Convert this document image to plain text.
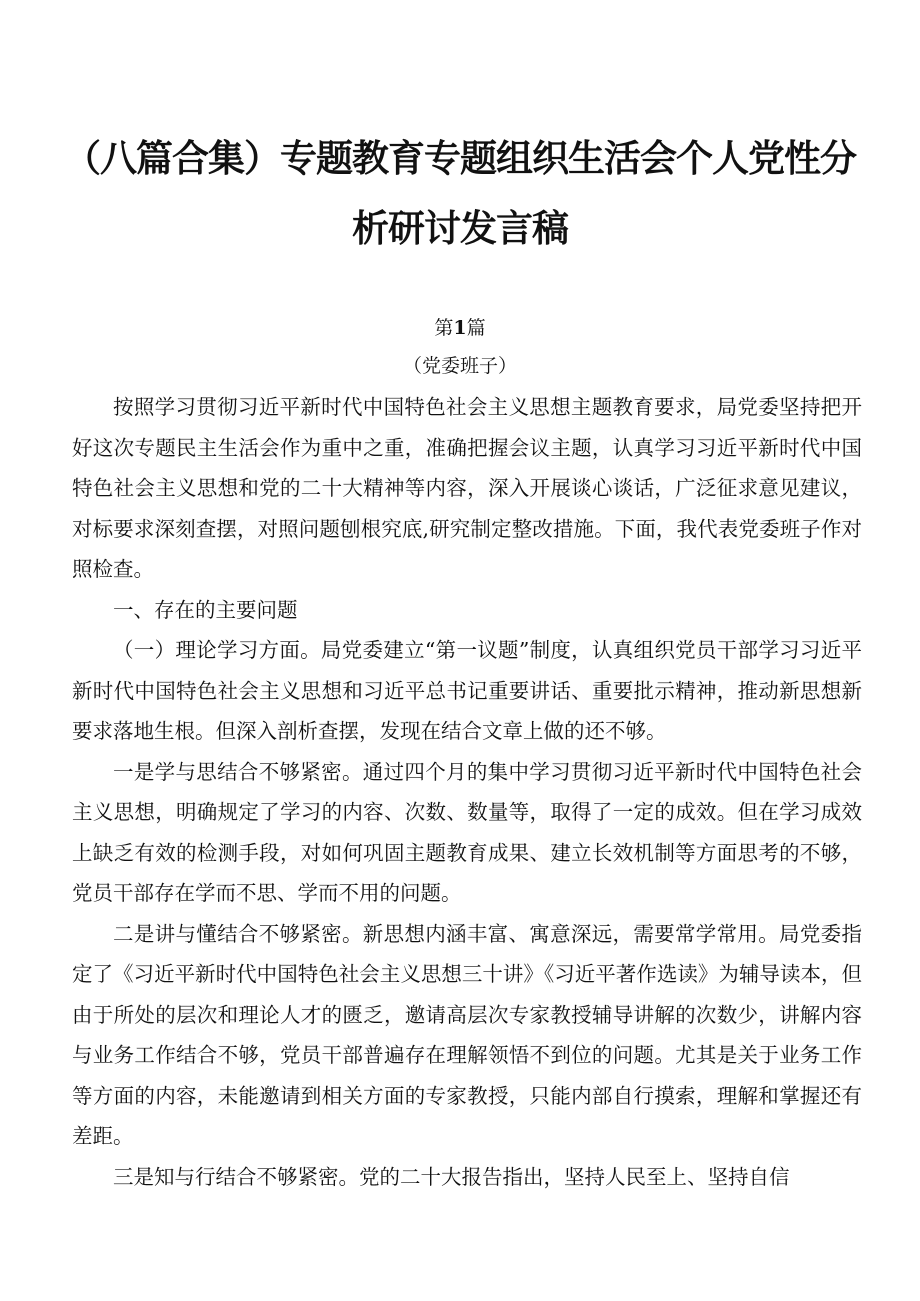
（八篇合集）专题教育专题组织生活会个人党性分
析研讨发言稿
第1篇
（党委班子）

按照学习贯彻习近平新时代中国特色社会主义思想主题教育要求，局党委坚持把开好这次专题民主生活会作为重中之重，准确把握会议主题，认真学习习近平新时代中国特色社会主义思想和党的二十大精神等内容，深入开展谈心谈话，广泛征求意见建议，对标要求深刻查摆，对照问题刨根究底,研究制定整改措施。下面，我代表党委班子作对照检查。

一、存在的主要问题

（一）理论学习方面。局党委建立“第一议题”制度，认真组织党员干部学习习近平新时代中国特色社会主义思想和习近平总书记重要讲话、重要批示精神，推动新思想新要求落地生根。但深入剖析查摆，发现在结合文章上做的还不够。

一是学与思结合不够紧密。通过四个月的集中学习贯彻习近平新时代中国特色社会主义思想，明确规定了学习的内容、次数、数量等，取得了一定的成效。但在学习成效上缺乏有效的检测手段，对如何巩固主题教育成果、建立长效机制等方面思考的不够，党员干部存在学而不思、学而不用的问题。

二是讲与懂结合不够紧密。新思想内涵丰富、寓意深远，需要常学常用。局党委指定了《习近平新时代中国特色社会主义思想三十讲》《习近平著作选读》为辅导读本，但由于所处的层次和理论人才的匮乏，邀请高层次专家教授辅导讲解的次数少，讲解内容与业务工作结合不够，党员干部普遍存在理解领悟不到位的问题。尤其是关于业务工作等方面的内容，未能邀请到相关方面的专家教授，只能内部自行摸索，理解和掌握还有差距。

三是知与行结合不够紧密。党的二十大报告指出，坚持人民至上、坚持自信
